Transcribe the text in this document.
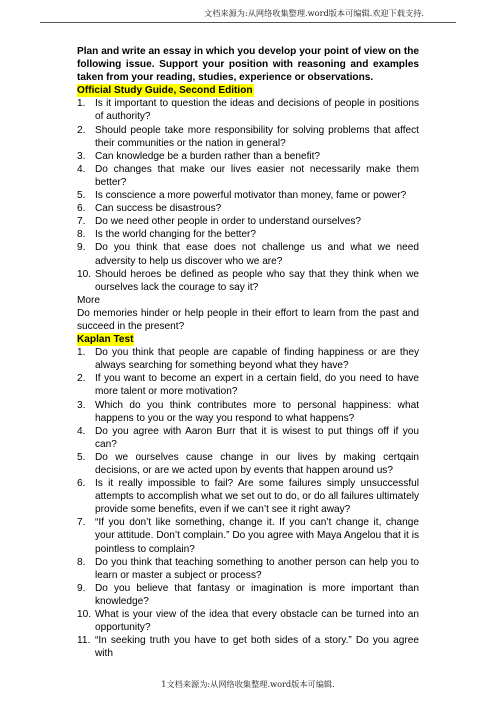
文档来源为:从网络收集整理.word版本可编辑.欢迎下载支持.
Plan and write an essay in which you develop your point of view on the following issue. Support your position with reasoning and examples taken from your reading, studies, experience or observations.
Official Study Guide, Second Edition
1. Is it important to question the ideas and decisions of people in positions of authority?
2. Should people take more responsibility for solving problems that affect their communities or the nation in general?
3. Can knowledge be a burden rather than a benefit?
4. Do changes that make our lives easier not necessarily make them better?
5. Is conscience a more powerful motivator than money, fame or power?
6. Can success be disastrous?
7. Do we need other people in order to understand ourselves?
8. Is the world changing for the better?
9. Do you think that ease does not challenge us and what we need adversity to help us discover who we are?
10. Should heroes be defined as people who say that they think when we ourselves lack the courage to say it?
More
Do memories hinder or help people in their effort to learn from the past and succeed in the present?
Kaplan Test
1. Do you think that people are capable of finding happiness or are they always searching for something beyond what they have?
2. If you want to become an expert in a certain field, do you need to have more talent or more motivation?
3. Which do you think contributes more to personal happiness: what happens to you or the way you respond to what happens?
4. Do you agree with Aaron Burr that it is wisest to put things off if you can?
5. Do we ourselves cause change in our lives by making certqain decisions, or are we acted upon by events that happen around us?
6. Is it really impossible to fail? Are some failures simply unsuccessful attempts to accomplish what we set out to do, or do all failures ultimately provide some benefits, even if we can’t see it right away?
7. “If you don’t like something, change it. If you can’t change it, change your attitude. Don’t complain.” Do you agree with Maya Angelou that it is pointless to complain?
8. Do you think that teaching something to another person can help you to learn or master a subject or process?
9. Do you believe that fantasy or imagination is more important than knowledge?
10. What is your view of the idea that every obstacle can be turned into an opportunity?
11. “In seeking truth you have to get both sides of a story.” Do you agree with
1文档来源为:从网络收集整理.word版本可编辑.
